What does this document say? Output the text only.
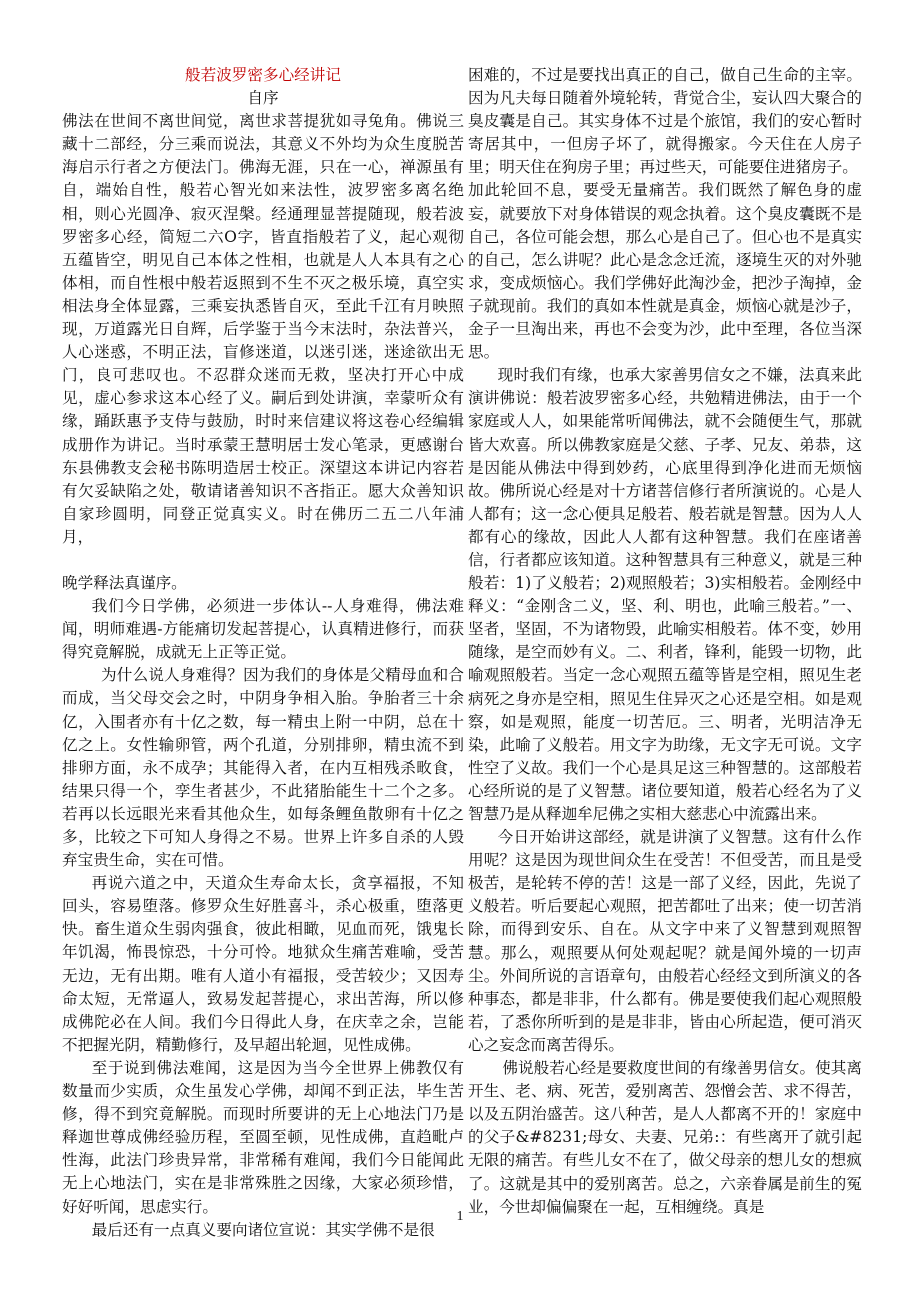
般若波罗密多心经讲记

自序

佛法在世间不离世间觉，离世求菩提犹如寻兔角。佛说三藏十二部经，分三乘而说法，其意义不外均为众生度脱苦海启示行者之方便法门。佛海无涯，只在一心，禅源虽有自，端始自性，般若心智光如来法性，波罗密多离名绝相，则心光圆净、寂灭涅槃。经通理显菩提随现，般若波罗密多心经，简短二六O字，皆直指般若了义，起心观彻五蕴皆空，明见自己本体之性相，也就是人人本具有之心体相，而自性根中般若返照到不生不灭之极乐境，真空实相法身全体显露，三乘妄执悉皆自灭，至此千江有月映照现，万道露光日自辉，后学鉴于当今末法时，杂法普兴，人心迷惑，不明正法，盲修迷道，以迷引迷，迷途欲出无门，良可悲叹也。不忍群众迷而无救，坚决打开心中成见，虚心参求这本心经了义。嗣后到处讲演，幸蒙听众有缘，踊跃惠予支侍与鼓励，时时来信建议将这卷心经编辑成册作为讲记。当时承蒙王慧明居士发心笔录，更感谢台东县佛教支会秘书陈明造居士校正。深望这本讲记内容若有欠妥缺陷之处，敬请诸善知识不吝指正。愿大众善知识自家珍圆明，同登正觉真实义。时在佛历二五二八年浦月，

晚学释法真谨序。

我们今日学佛，必须进一步体认--人身难得，佛法难闻，明师难遇-方能痛切发起菩提心，认真精进修行，而获得究竟解脱，成就无上正等正觉。

为什么说人身难得？因为我们的身体是父精母血和合而成，当父母交会之时，中阴身争相入胎。争胎者三十余亿，入围者亦有十亿之数，每一精虫上附一中阴，总在十亿之上。女性输卵管，两个孔道，分别排卵，精虫流不到排卵方面，永不成孕；其能得入者，在内互相残杀畋食，结果只得一个，孪生者甚少，不此猪胎能生十二个之多。若再以长远眼光来看其他众生，如每条鲤鱼散卵有十亿之多，比较之下可知人身得之不易。世界上许多自杀的人毁弃宝贵生命，实在可惜。

再说六道之中，天道众生寿命太长，贪享福报，不知回头，容易堕落。修罗众生好胜喜斗，杀心极重，堕落更快。畜生道众生弱肉强食，彼此相瞰，见血而死，饿鬼长年饥渴，怖畏惊恐，十分可怜。地狱众生痛苦难喻，受苦无边，无有出期。唯有人道小有福报，受苦较少；又因寿命太短，无常逼人，致易发起菩提心，求出苦海，所以修成佛陀必在人间。我们今日得此人身，在庆幸之余，岂能不把握光阴，精勤修行，及早超出轮迴，见性成佛。

至于说到佛法难闻，这是因为当今全世界上佛教仅有数量而少实质，众生虽发心学佛，却闻不到正法，毕生苦修，得不到究竟解脱。而现时所要讲的无上心地法门乃是释迦世尊成佛经验历程，至圆至顿，见性成佛，直趋毗卢性海，此法门珍贵异常，非常稀有难闻，我们今日能闻此无上心地法门，实在是非常殊胜之因缘，大家必须珍惜，好好听闻，思虑实行。

最后还有一点真义要向诸位宣说：其实学佛不是很

困难的，不过是要找出真正的自己，做自己生命的主宰。因为凡夫每日随着外境轮转，背觉合尘，妄认四大聚合的臭皮囊是自己。其实身体不过是个旅馆，我们的安心暂时寄居其中，一但房子坏了，就得搬家。今天住在人房子里；明天住在狗房子里；再过些天，可能要住进猪房子。

加此轮回不息，要受无量痛苦。我们既然了解色身的虚妄，就要放下对身体错误的观念执着。这个臭皮囊既不是自己，各位可能会想，那么心是自己了。但心也不是真实的自己，怎么讲呢？此心是念念迁流，逐境生灭的对外驰求，变成烦恼心。我们学佛好此淘沙金，把沙子淘掉，金子就现前。我们的真如本性就是真金，烦恼心就是沙子，金子一旦淘出来，再也不会变为沙，此中至理，各位当深思。

现时我们有缘，也承大家善男信女之不嫌，法真来此演讲佛说：般若波罗密多心经，共勉精进佛法，由于一个家庭或人人，如果能常听闻佛法，就不会随便生气，那就皆大欢喜。所以佛教家庭是父慈、子孝、兄友、弟恭，这是因能从佛法中得到妙药，心底里得到净化进而无烦恼故。佛所说心经是对十方诸菩信修行者所演说的。心是人人都有；这一念心便具足般若、般若就是智慧。因为人人都有心的缘故，因此人人都有这种智慧。我们在座诸善信，行者都应该知道。这种智慧具有三种意义，就是三种般若：1)了义般若；2)观照般若；3)实相般若。金刚经中释义：“金刚含二义，坚、利、明也，此喻三般若。”一、坚者，坚固，不为诸物毁，此喻实相般若。体不变，妙用随缘，是空而妙有义。二、利者，锋利，能毁一切物，此喻观照般若。当定一念心观照五蕴等皆是空相，照见生老病死之身亦是空相，照见生住异灭之心还是空相。如是观察，如是观照，能度一切苦厄。三、明者，光明洁净无染，此喻了义般若。用文字为助缘，无文字无可说。文字性空了义故。我们一个心是具足这三种智慧的。这部般若心经所说的是了义智慧。诸位要知道，般若心经名为了义智慧乃是从释迦牟尼佛之实相大慈悲心中流露出来。

今日开始讲这部经，就是讲演了义智慧。这有什么作用呢？这是因为现世间众生在受苦！不但受苦，而且是受极苦，是轮转不停的苦！这是一部了义经，因此，先说了义般若。听后要起心观照，把苦都吐了出来；使一切苦消除，而得到安乐、自在。从文字中来了义智慧到观照智慧。那么，观照要从何处观起呢？就是闻外境的一切声尘。外间所说的言语章句，由般若心经经文到所演义的各种事态，都是非非，什么都有。佛是要使我们起心观照般若，了悉你所听到的是是非非，皆由心所起造，便可消灭心之妄念而离苦得乐。

佛说般若心经是要救度世间的有缘善男信女。使其离开生、老、病、死苦，爱别离苦、怨憎会苦、求不得苦，以及五阴治盛苦。这八种苦，是人人都离不开的！家庭中的父子&#8231;母女、夫妻、兄弟:：有些离开了就引起无限的痛苦。有些儿女不在了，做父母亲的想儿女的想疯了。这就是其中的爱别离苦。总之，六亲眷属是前生的冤业，今世却偏偏聚在一起，互相缠绕。真是

1
